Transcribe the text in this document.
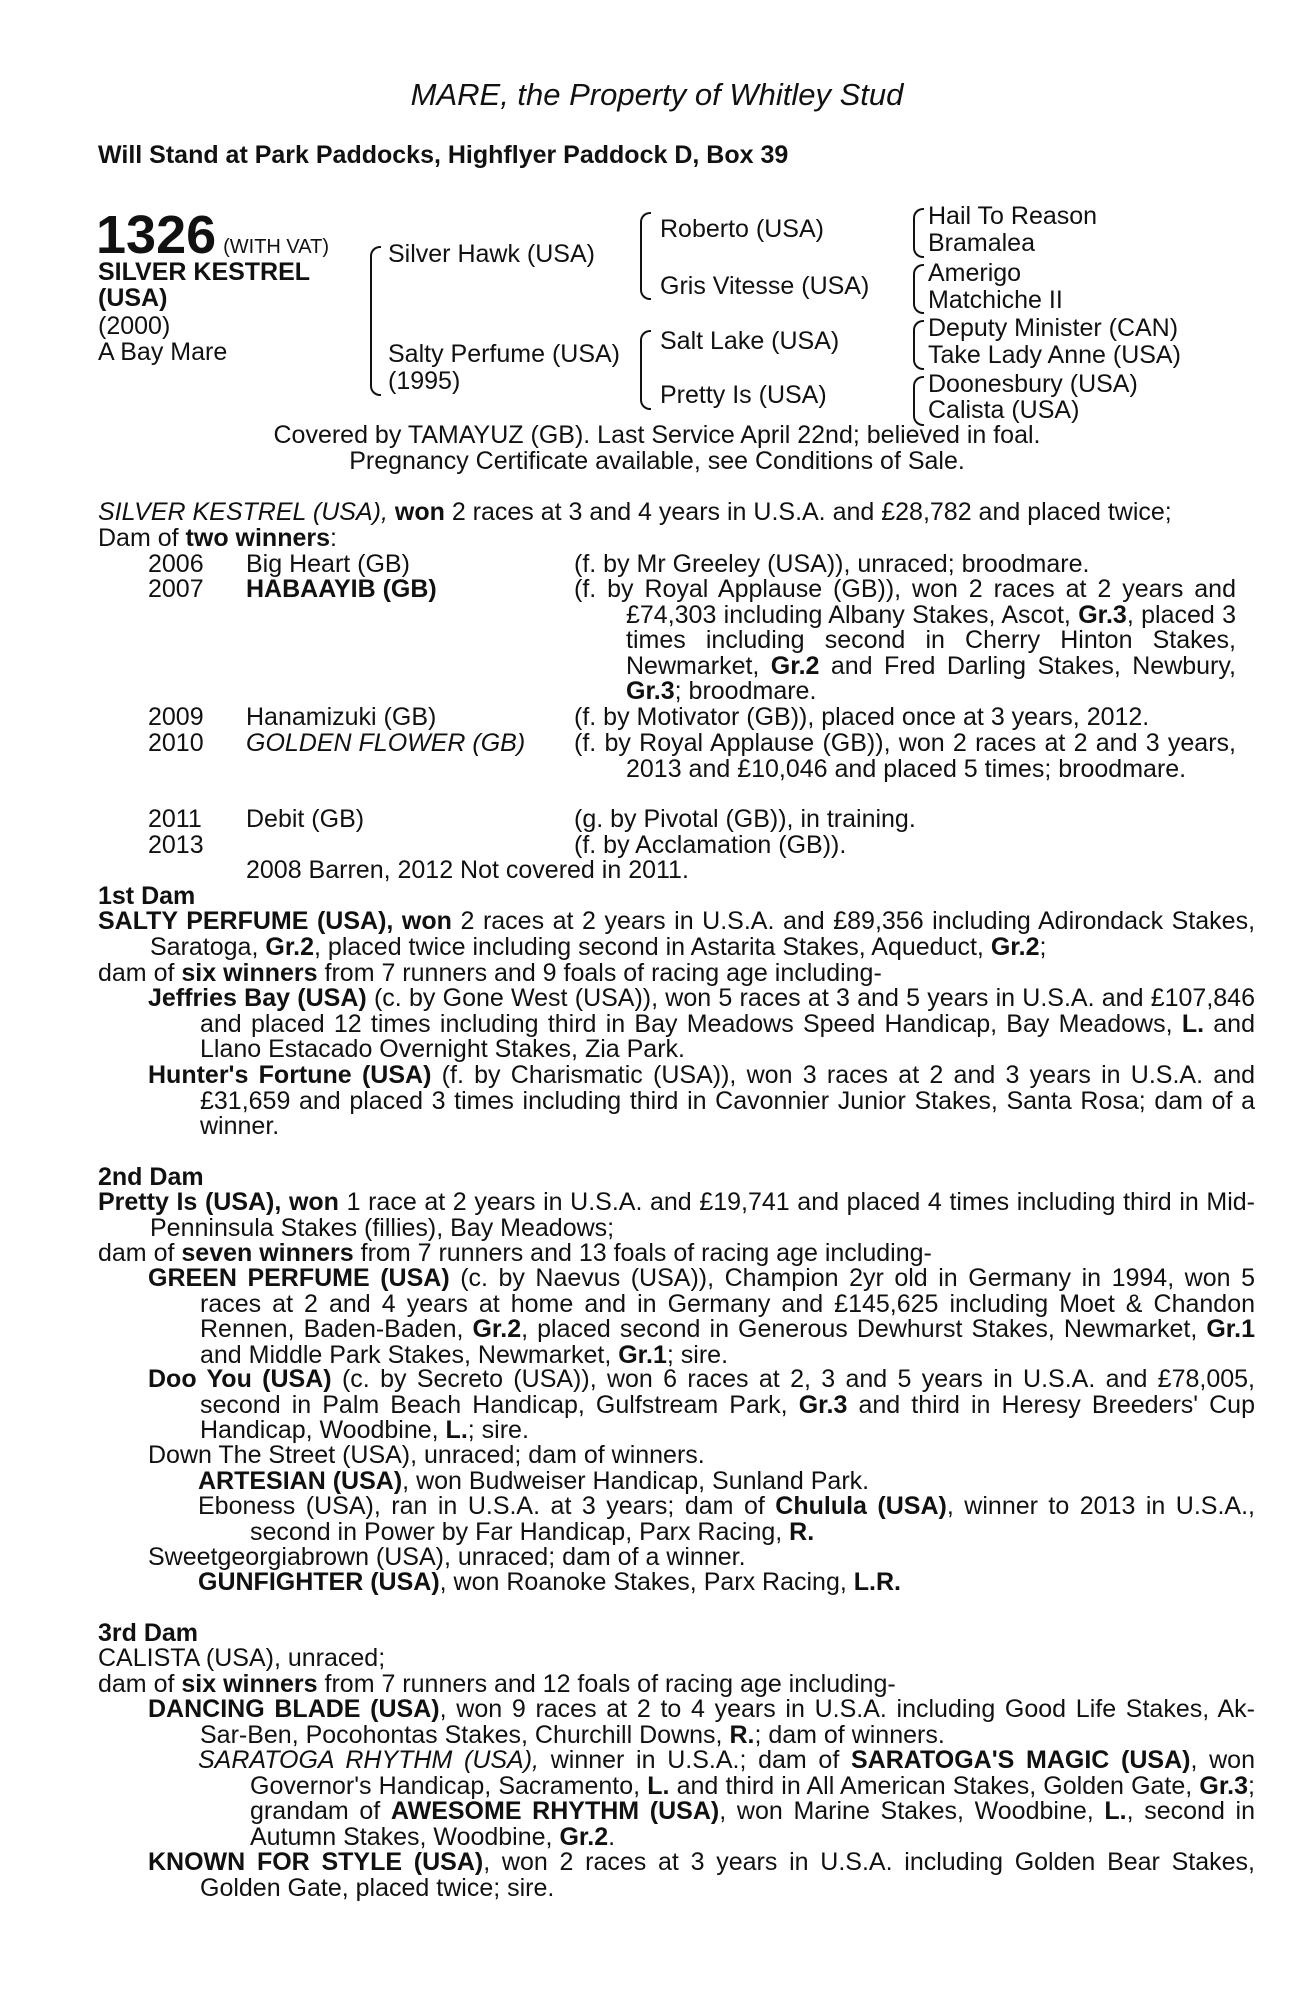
MARE, the Property of Whitley Stud
Will Stand at Park Paddocks, Highflyer Paddock D, Box 39
1326 (WITH VAT)
SILVER KESTREL
(USA)
(2000)
A Bay Mare
Silver Hawk (USA)
Salty Perfume (USA)
(1995)
Roberto (USA)
Gris Vitesse (USA)
Salt Lake (USA)
Pretty Is (USA)
Hail To Reason
Bramalea
Amerigo
Matchiche II
Deputy Minister (CAN)
Take Lady Anne (USA)
Doonesbury (USA)
Calista (USA)
Covered by TAMAYUZ (GB). Last Service April 22nd; believed in foal.
Pregnancy Certificate available, see Conditions of Sale.
SILVER KESTREL (USA), won 2 races at 3 and 4 years in U.S.A. and £28,782 and placed twice;
Dam of two winners:
2006 Big Heart (GB)	(f. by Mr Greeley (USA)), unraced; broodmare.
2007 HABAAYIB (GB)	(f. by Royal Applause (GB)), won 2 races at 2 years and £74,303 including Albany Stakes, Ascot, Gr.3, placed 3 times including second in Cherry Hinton Stakes, Newmarket, Gr.2 and Fred Darling Stakes, Newbury, Gr.3; broodmare.
2009 Hanamizuki (GB)	(f. by Motivator (GB)), placed once at 3 years, 2012.
2010 GOLDEN FLOWER (GB) (f. by Royal Applause (GB)), won 2 races at 2 and 3 years, 2013 and £10,046 and placed 5 times; broodmare.
2011 Debit (GB)	(g. by Pivotal (GB)), in training.
2013	(f. by Acclamation (GB)).
2008 Barren, 2012 Not covered in 2011.
1st Dam
SALTY PERFUME (USA), won 2 races at 2 years in U.S.A. and £89,356 including Adirondack Stakes, Saratoga, Gr.2, placed twice including second in Astarita Stakes, Aqueduct, Gr.2;
dam of six winners from 7 runners and 9 foals of racing age including-
Jeffries Bay (USA) (c. by Gone West (USA)), won 5 races at 3 and 5 years in U.S.A. and £107,846 and placed 12 times including third in Bay Meadows Speed Handicap, Bay Meadows, L. and Llano Estacado Overnight Stakes, Zia Park.
Hunter's Fortune (USA) (f. by Charismatic (USA)), won 3 races at 2 and 3 years in U.S.A. and £31,659 and placed 3 times including third in Cavonnier Junior Stakes, Santa Rosa; dam of a winner.
2nd Dam
Pretty Is (USA), won 1 race at 2 years in U.S.A. and £19,741 and placed 4 times including third in Mid-Penninsula Stakes (fillies), Bay Meadows;
dam of seven winners from 7 runners and 13 foals of racing age including-
GREEN PERFUME (USA) (c. by Naevus (USA)), Champion 2yr old in Germany in 1994, won 5 races at 2 and 4 years at home and in Germany and £145,625 including Moet & Chandon Rennen, Baden-Baden, Gr.2, placed second in Generous Dewhurst Stakes, Newmarket, Gr.1 and Middle Park Stakes, Newmarket, Gr.1; sire.
Doo You (USA) (c. by Secreto (USA)), won 6 races at 2, 3 and 5 years in U.S.A. and £78,005, second in Palm Beach Handicap, Gulfstream Park, Gr.3 and third in Heresy Breeders' Cup Handicap, Woodbine, L.; sire.
Down The Street (USA), unraced; dam of winners.
ARTESIAN (USA), won Budweiser Handicap, Sunland Park.
Eboness (USA), ran in U.S.A. at 3 years; dam of Chulula (USA), winner to 2013 in U.S.A., second in Power by Far Handicap, Parx Racing, R.
Sweetgeorgiabrown (USA), unraced; dam of a winner.
GUNFIGHTER (USA), won Roanoke Stakes, Parx Racing, L.R.
3rd Dam
CALISTA (USA), unraced;
dam of six winners from 7 runners and 12 foals of racing age including-
DANCING BLADE (USA), won 9 races at 2 to 4 years in U.S.A. including Good Life Stakes, Ak-Sar-Ben, Pocohontas Stakes, Churchill Downs, R.; dam of winners.
SARATOGA RHYTHM (USA), winner in U.S.A.; dam of SARATOGA'S MAGIC (USA), won Governor's Handicap, Sacramento, L. and third in All American Stakes, Golden Gate, Gr.3; grandam of AWESOME RHYTHM (USA), won Marine Stakes, Woodbine, L., second in Autumn Stakes, Woodbine, Gr.2.
KNOWN FOR STYLE (USA), won 2 races at 3 years in U.S.A. including Golden Bear Stakes, Golden Gate, placed twice; sire.
